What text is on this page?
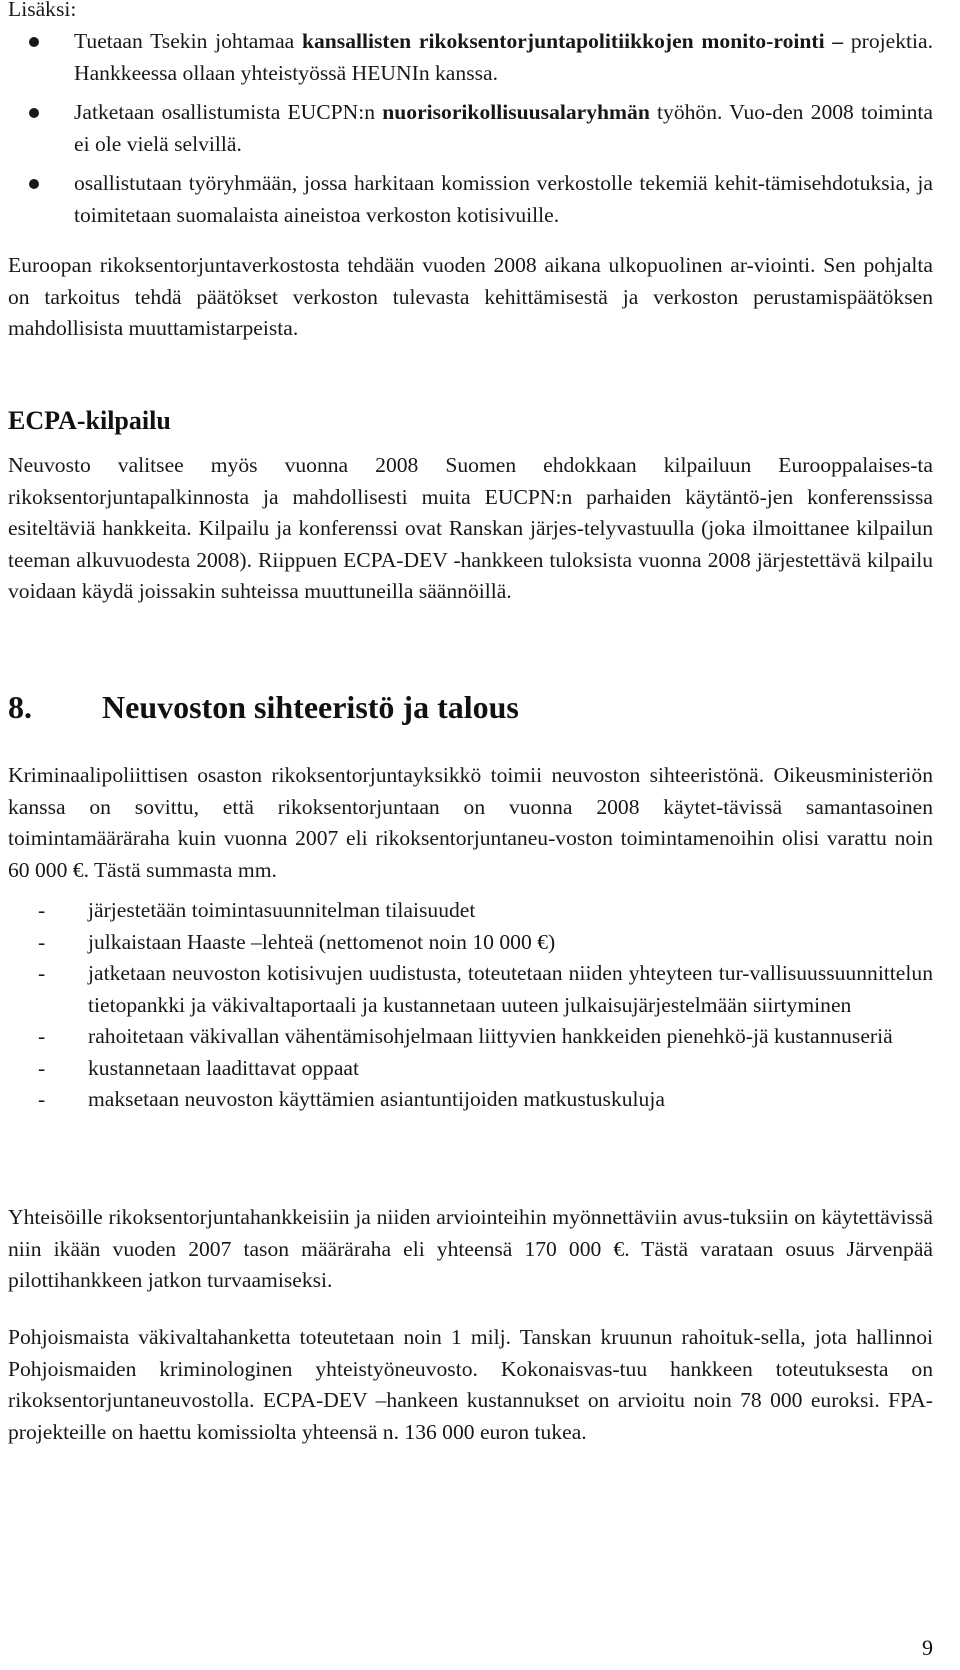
Lisäksi:

Tuetaan Tsekin johtamaa kansallisten rikoksentorjuntapolitiikkojen monito-rointi – projektia. Hankkeessa ollaan yhteistyössä HEUNIn kanssa.
Jatketaan osallistumista EUCPN:n nuorisorikollisuusalaryhmän työhön. Vuo-den 2008 toiminta ei ole vielä selvillä.
osallistutaan työryhmään, jossa harkitaan komission verkostolle tekemiä kehit-tämisehdotuksia, ja toimitetaan suomalaista aineistoa verkoston kotisivuille.

Euroopan rikoksentorjuntaverkostosta tehdään vuoden 2008 aikana ulkopuolinen ar-viointi. Sen pohjalta on tarkoitus tehdä päätökset verkoston tulevasta kehittämisestä ja verkoston perustamispäätöksen mahdollisista muuttamistarpeista.

ECPA-kilpailu

Neuvosto valitsee myös vuonna 2008 Suomen ehdokkaan kilpailuun Eurooppalaises-ta rikoksentorjuntapalkinnosta ja mahdollisesti muita EUCPN:n parhaiden käytäntö-jen konferenssissa esiteltäviä hankkeita. Kilpailu ja konferenssi ovat Ranskan järjes-telyvastuulla (joka ilmoittanee kilpailun teeman alkuvuodesta 2008). Riippuen ECPA-DEV -hankkeen tuloksista vuonna 2008 järjestettävä kilpailu voidaan käydä joissakin suhteissa muuttuneilla säännöillä.

8. Neuvoston sihteeristö ja talous

Kriminaalipoliittisen osaston rikoksentorjuntayksikkö toimii neuvoston sihteeristönä. Oikeusministeriön kanssa on sovittu, että rikoksentorjuntaan on vuonna 2008 käytet-tävissä samantasoinen toimintamääräraha kuin vuonna 2007 eli rikoksentorjuntaneu-voston toimintamenoihin olisi varattu noin 60 000 €. Tästä summasta mm.

- järjestetään toimintasuunnitelman tilaisuudet
- julkaistaan Haaste –lehteä (nettomenot noin 10 000 €)
- jatketaan neuvoston kotisivujen uudistusta, toteutetaan niiden yhteyteen tur-vallisuussuunnittelun tietopankki ja väkivaltaportaali ja kustannetaan uuteen julkaisujärjestelmään siirtyminen
- rahoitetaan väkivallan vähentämisohjelmaan liittyvien hankkeiden pienehkö-jä kustannuseriä
- kustannetaan laadittavat oppaat
- maksetaan neuvoston käyttämien asiantuntijoiden matkustuskuluja

Yhteisöille rikoksentorjuntahankkeisiin ja niiden arviointeihin myönnettäviin avus-tuksiin on käytettävissä niin ikään vuoden 2007 tason määräraha eli yhteensä 170 000 €. Tästä varataan osuus Järvenpää pilottihankkeen jatkon turvaamiseksi.

Pohjoismaista väkivaltahanketta toteutetaan noin 1 milj. Tanskan kruunun rahoituk-sella, jota hallinnoi Pohjoismaiden kriminologinen yhteistyöneuvosto. Kokonaisvas-tuu hankkeen toteutuksesta on rikoksentorjuntaneuvostolla. ECPA-DEV –hankeen kustannukset on arvioitu noin 78 000 euroksi. FPA-projekteille on haettu komissiolta yhteensä n. 136 000 euron tukea.

9
